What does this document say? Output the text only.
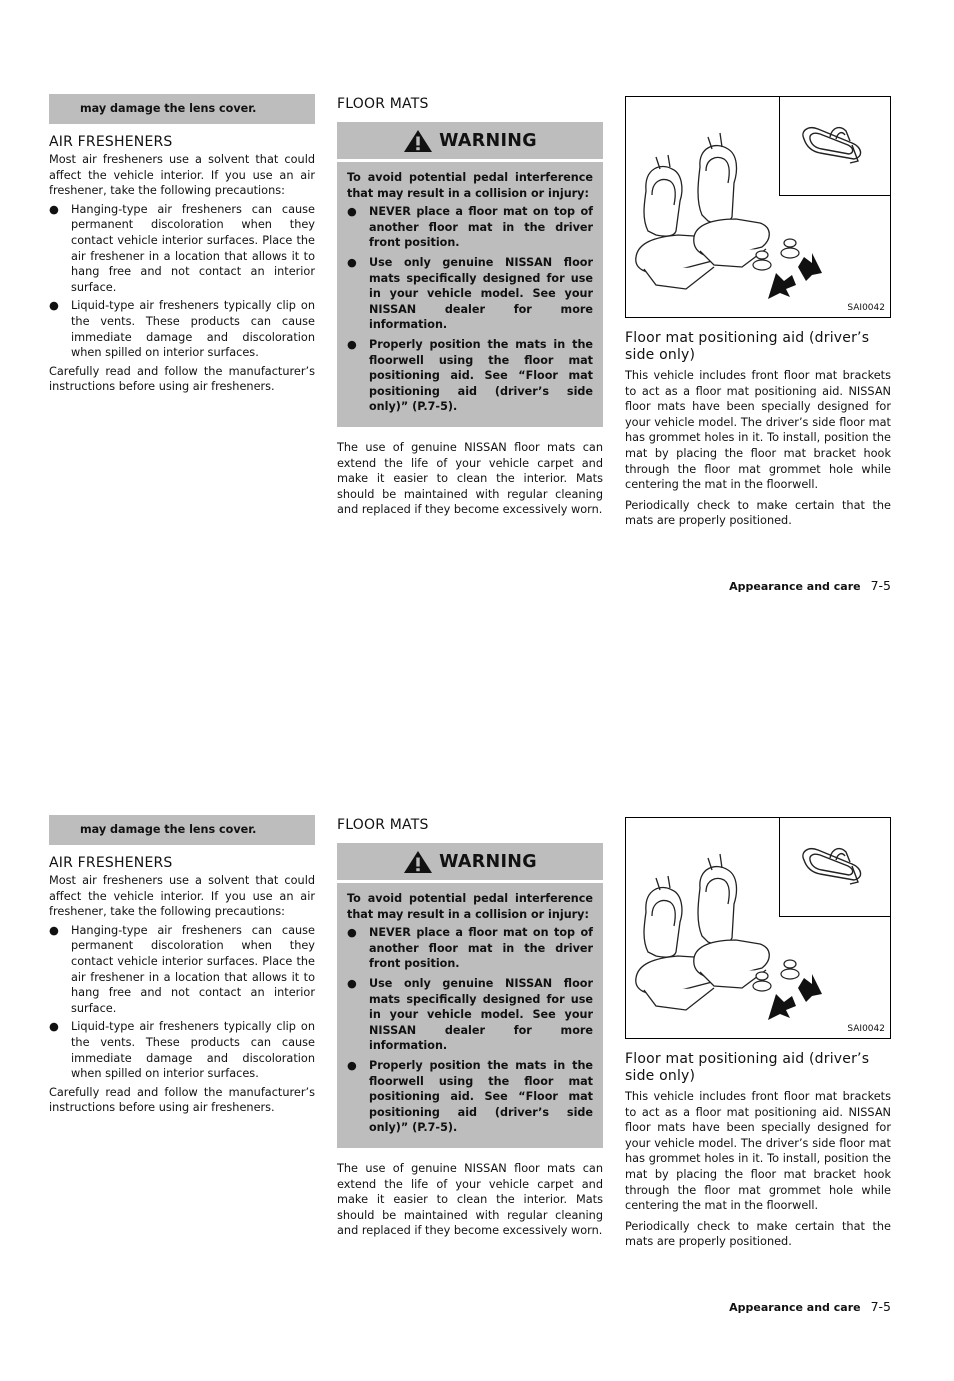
may damage the lens cover.
AIR FRESHENERS

Most air fresheners use a solvent that could affect the vehicle interior. If you use an air freshener, take the following precautions:

● Hanging-type air fresheners can cause permanent discoloration when they contact vehicle interior surfaces. Place the air freshener in a location that allows it to hang free and not contact an interior surface.
● Liquid-type air fresheners typically clip on the vents. These products can cause immediate damage and discoloration when spilled on interior surfaces.

Carefully read and follow the manufacturer’s instructions before using air fresheners.

FLOOR MATS
WARNING

To avoid potential pedal interference that may result in a collision or injury:

● NEVER place a floor mat on top of another floor mat in the driver front position.
● Use only genuine NISSAN floor mats specifically designed for use in your vehicle model. See your NISSAN dealer for more information.
● Properly position the mats in the floorwell using the floor mat positioning aid. See “Floor mat positioning aid (driver’s side only)” (P.7-5).

The use of genuine NISSAN floor mats can extend the life of your vehicle carpet and make it easier to clean the interior. Mats should be maintained with regular cleaning and replaced if they become excessively worn.

SAI0042
Floor mat positioning aid (driver’s side only)

This vehicle includes front floor mat brackets to act as a floor mat positioning aid. NISSAN floor mats have been specially designed for your vehicle model. The driver’s side floor mat has grommet holes in it. To install, position the mat by placing the floor mat bracket hook through the floor mat grommet hole while centering the mat in the floorwell.

Periodically check to make certain that the mats are properly positioned.

Appearance and care 7-5
may damage the lens cover.
AIR FRESHENERS

Most air fresheners use a solvent that could affect the vehicle interior. If you use an air freshener, take the following precautions:

● Hanging-type air fresheners can cause permanent discoloration when they contact vehicle interior surfaces. Place the air freshener in a location that allows it to hang free and not contact an interior surface.
● Liquid-type air fresheners typically clip on the vents. These products can cause immediate damage and discoloration when spilled on interior surfaces.

Carefully read and follow the manufacturer’s instructions before using air fresheners.

FLOOR MATS
WARNING

To avoid potential pedal interference that may result in a collision or injury:

● NEVER place a floor mat on top of another floor mat in the driver front position.
● Use only genuine NISSAN floor mats specifically designed for use in your vehicle model. See your NISSAN dealer for more information.
● Properly position the mats in the floorwell using the floor mat positioning aid. See “Floor mat positioning aid (driver’s side only)” (P.7-5).

The use of genuine NISSAN floor mats can extend the life of your vehicle carpet and make it easier to clean the interior. Mats should be maintained with regular cleaning and replaced if they become excessively worn.

SAI0042
Floor mat positioning aid (driver’s side only)

This vehicle includes front floor mat brackets to act as a floor mat positioning aid. NISSAN floor mats have been specially designed for your vehicle model. The driver’s side floor mat has grommet holes in it. To install, position the mat by placing the floor mat bracket hook through the floor mat grommet hole while centering the mat in the floorwell.

Periodically check to make certain that the mats are properly positioned.

Appearance and care 7-5
